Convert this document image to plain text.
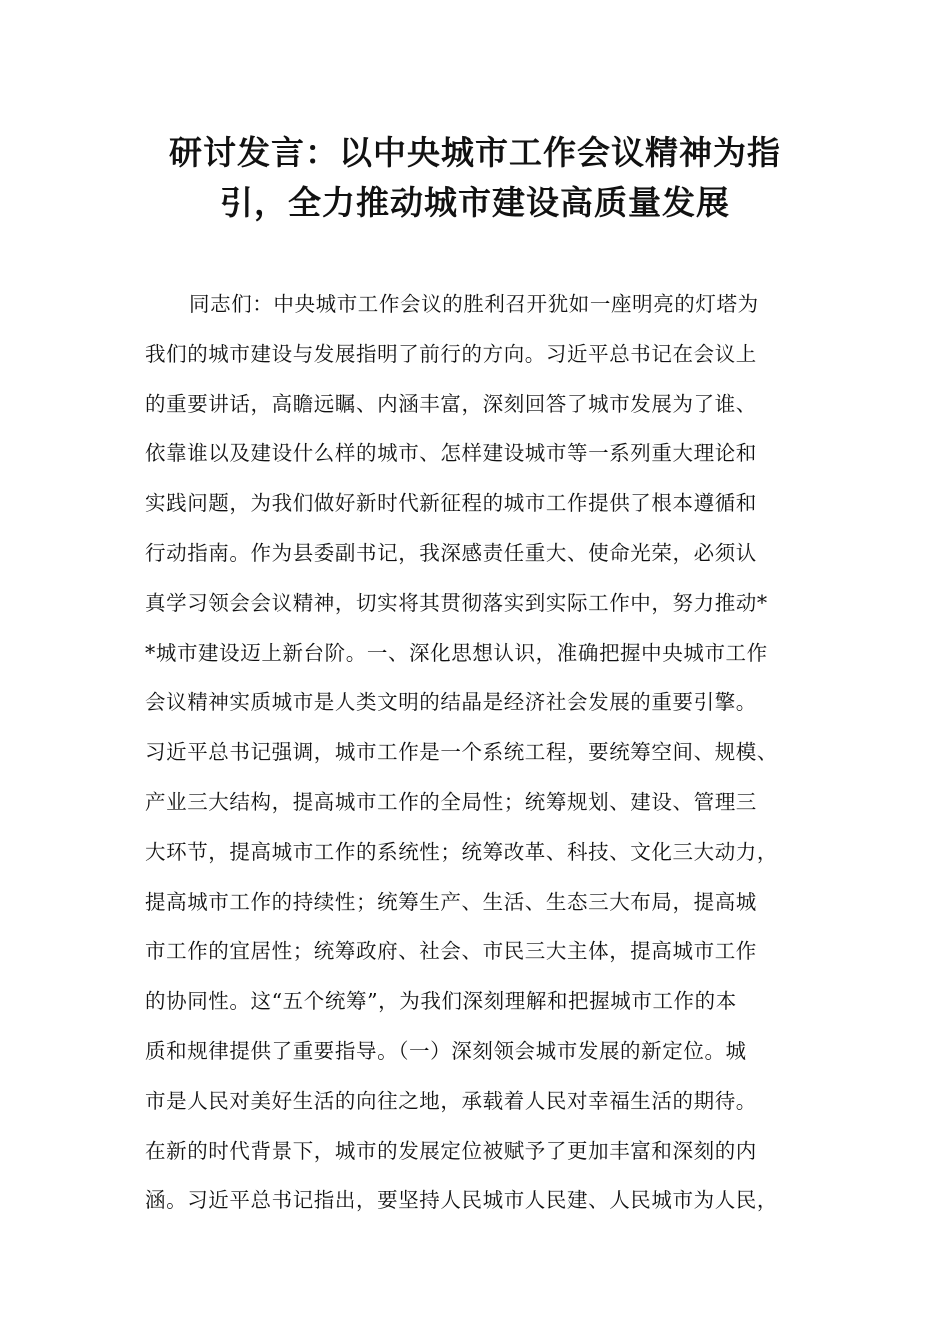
研讨发言：以中央城市工作会议精神为指
引，全力推动城市建设高质量发展
同志们：中央城市工作会议的胜利召开犹如一座明亮的灯塔为
我们的城市建设与发展指明了前行的方向。习近平总书记在会议上
的重要讲话，高瞻远瞩、内涵丰富，深刻回答了城市发展为了谁、
依靠谁以及建设什么样的城市、怎样建设城市等一系列重大理论和
实践问题，为我们做好新时代新征程的城市工作提供了根本遵循和
行动指南。作为县委副书记，我深感责任重大、使命光荣，必须认
真学习领会会议精神，切实将其贯彻落实到实际工作中，努力推动*
*城市建设迈上新台阶。一、深化思想认识，准确把握中央城市工作
会议精神实质城市是人类文明的结晶是经济社会发展的重要引擎。
习近平总书记强调，城市工作是一个系统工程，要统筹空间、规模、
产业三大结构，提高城市工作的全局性；统筹规划、建设、管理三
大环节，提高城市工作的系统性；统筹改革、科技、文化三大动力，
提高城市工作的持续性；统筹生产、生活、生态三大布局，提高城
市工作的宜居性；统筹政府、社会、市民三大主体，提高城市工作
的协同性。这“五个统筹”，为我们深刻理解和把握城市工作的本
质和规律提供了重要指导。（一）深刻领会城市发展的新定位。城
市是人民对美好生活的向往之地，承载着人民对幸福生活的期待。
在新的时代背景下，城市的发展定位被赋予了更加丰富和深刻的内
涵。习近平总书记指出，要坚持人民城市人民建、人民城市为人民，
